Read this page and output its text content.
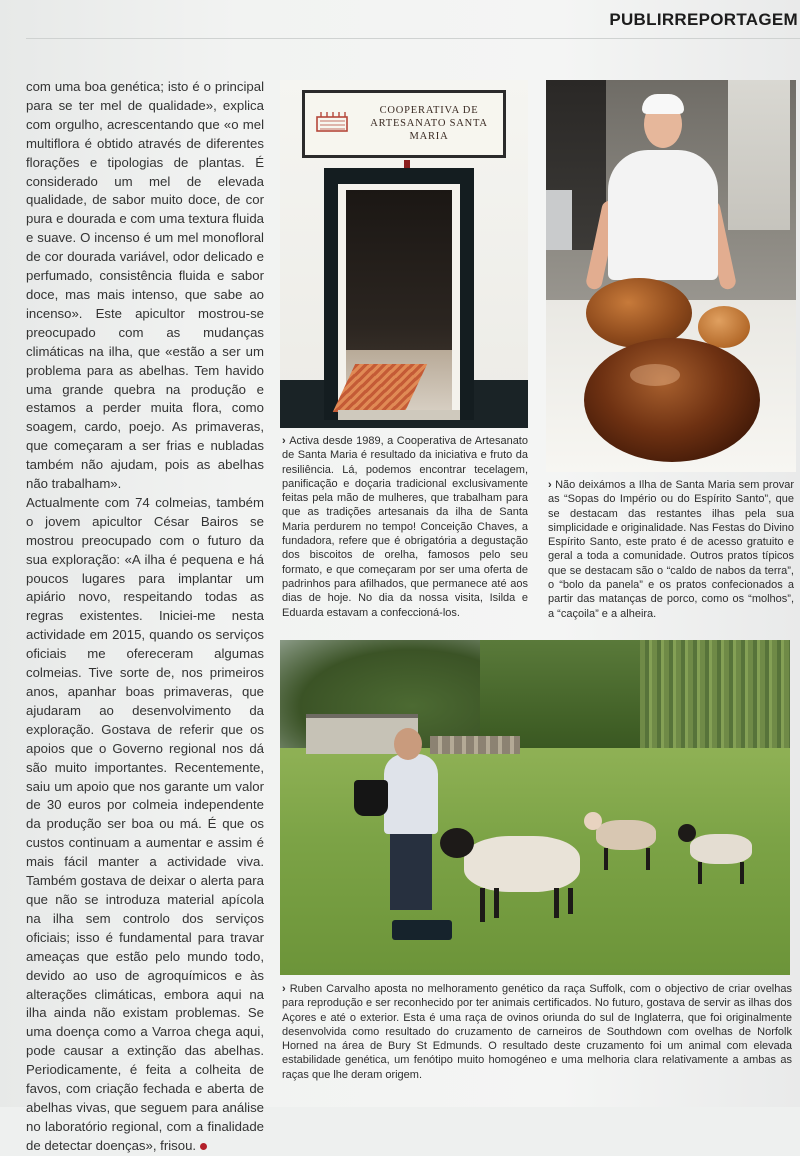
PUBLIRREPORTAGEM

com uma boa genética; isto é o principal para se ter mel de qualidade», explica com orgulho, acrescentando que «o mel multiflora é obtido através de diferentes florações e tipologias de plantas. É considerado um mel de elevada qualidade, de sabor muito doce, de cor pura e dourada e com uma textura fluida e suave. O incenso é um mel monofloral de cor dourada variável, odor delicado e perfumado, consistência fluida e sabor doce, mas mais intenso, que sabe ao incenso». Este apicultor mostrou-se preocupado com as mudanças climáticas na ilha, que «estão a ser um problema para as abelhas. Tem havido uma grande quebra na produção e estamos a perder muita flora, como soagem, cardo, poejo. As primaveras, que começaram a ser frias e nubladas também não ajudam, pois as abelhas não trabalham».

Actualmente com 74 colmeias, também o jovem apicultor César Bairos se mostrou preocupado com o futuro da sua exploração: «A ilha é pequena e há poucos lugares para implantar um apiário novo, respeitando todas as regras existentes. Iniciei-me nesta actividade em 2015, quando os serviços oficiais me ofereceram algumas colmeias. Tive sorte de, nos primeiros anos, apanhar boas primaveras, que ajudaram ao desenvolvimento da exploração. Gostava de referir que os apoios que o Governo regional nos dá são muito importantes. Recentemente, saiu um apoio que nos garante um valor de 30 euros por colmeia independente da produção ser boa ou má. É que os custos continuam a aumentar e assim é mais fácil manter a actividade viva. Também gostava de deixar o alerta para que não se introduza material apícola na ilha sem controlo dos serviços oficiais; isso é fundamental para travar ameaças que estão pelo mundo todo, devido ao uso de agroquímicos e às alterações climáticas, embora aqui na ilha ainda não existam problemas. Se uma doença como a Varroa chega aqui, pode causar a extinção das abelhas. Periodicamente, é feita a colheita de favos, com criação fechada e aberta de abelhas vivas, que seguem para análise no laboratório regional, com a finalidade de detectar doenças», frisou.

COOPERATIVA DE ARTESANATO SANTA MARIA

› Activa desde 1989, a Cooperativa de Artesanato de Santa Maria é resultado da iniciativa e fruto da resiliência. Lá, podemos encontrar tecelagem, panificação e doçaria tradicional exclusivamente feitas pela mão de mulheres, que trabalham para que as tradições artesanais da ilha de Santa Maria perdurem no tempo! Conceição Chaves, a fundadora, refere que é obrigatória a degustação dos biscoitos de orelha, famosos pelo seu formato, e que começaram por ser uma oferta de padrinhos para afilhados, que permanece até aos dias de hoje. No dia da nossa visita, Isilda e Eduarda estavam a confeccioná-los.

› Não deixámos a Ilha de Santa Maria sem provar as “Sopas do Império ou do Espírito Santo”, que se destacam das restantes ilhas pela sua simplicidade e originalidade. Nas Festas do Divino Espírito Santo, este prato é de acesso gratuito e geral a toda a comunidade. Outros pratos típicos que se destacam são o “caldo de nabos da terra”, o “bolo da panela” e os pratos confecionados a partir das matanças de porco, como os “molhos”, a “caçoila” e a alheira.

› Ruben Carvalho aposta no melhoramento genético da raça Suffolk, com o objectivo de criar ovelhas para reprodução e ser reconhecido por ter animais certificados. No futuro, gostava de servir as ilhas dos Açores e até o exterior. Esta é uma raça de ovinos oriunda do sul de Inglaterra, que foi originalmente desenvolvida como resultado do cruzamento de carneiros de Southdown com ovelhas de Norfolk Horned na área de Bury St Edmunds. O resultado deste cruzamento foi um animal com elevada estabilidade genética, um fenótipo muito homogéneo e uma melhoria clara relativamente a ambas as raças que lhe deram origem.
